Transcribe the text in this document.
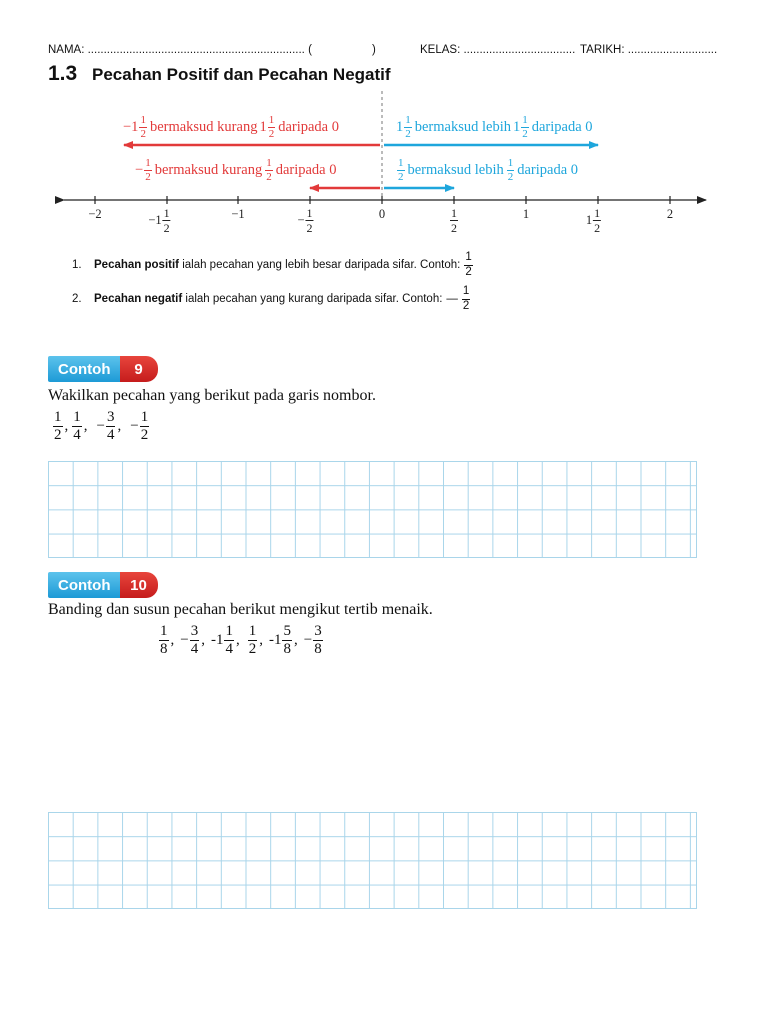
NAMA: .................................................................... (	)	KELAS: ................................... TARIKH: ............................
1.3 Pecahan Positif dan Pecahan Negatif
$-1 \frac{1}{2}$ bermaksud kurang $1 \frac{1}{2}$ daripada 0	$1 \frac{1}{2}$ bermaksud lebih $1 \frac{1}{2}$ daripada 0
− $\frac{1}{2}$ bermaksud kurang $\frac{1}{2}$ daripada 0	$\frac{1}{2}$ bermaksud lebih $\frac{1}{2}$ daripada 0
−2	$-1 \frac{1}{2}$	−1	− $\frac{1}{2}$	0	$\frac{1}{2}$	1	$1 \frac{1}{2}$	2
1.	Pecahan positif ialah pecahan yang lebih besar daripada sifar. Contoh: $\frac{1}{2}$
2.	Pecahan negatif ialah pecahan yang kurang daripada sifar. Contoh: — $\frac{1}{2}$
Contoh	9
Wakilkan pecahan yang berikut pada garis nombor.
$\frac{1}{2}$ , $\frac{1}{4}$ , − $\frac{3}{4}$ , − $\frac{1}{2}$
Contoh	10
Banding dan susun pecahan berikut mengikut tertib menaik.
$\frac{1}{8}$ , − $\frac{3}{4}$ , $-1 \frac{1}{4}$ , $\frac{1}{2}$ , $-1 \frac{5}{8}$ , − $\frac{3}{8}$
